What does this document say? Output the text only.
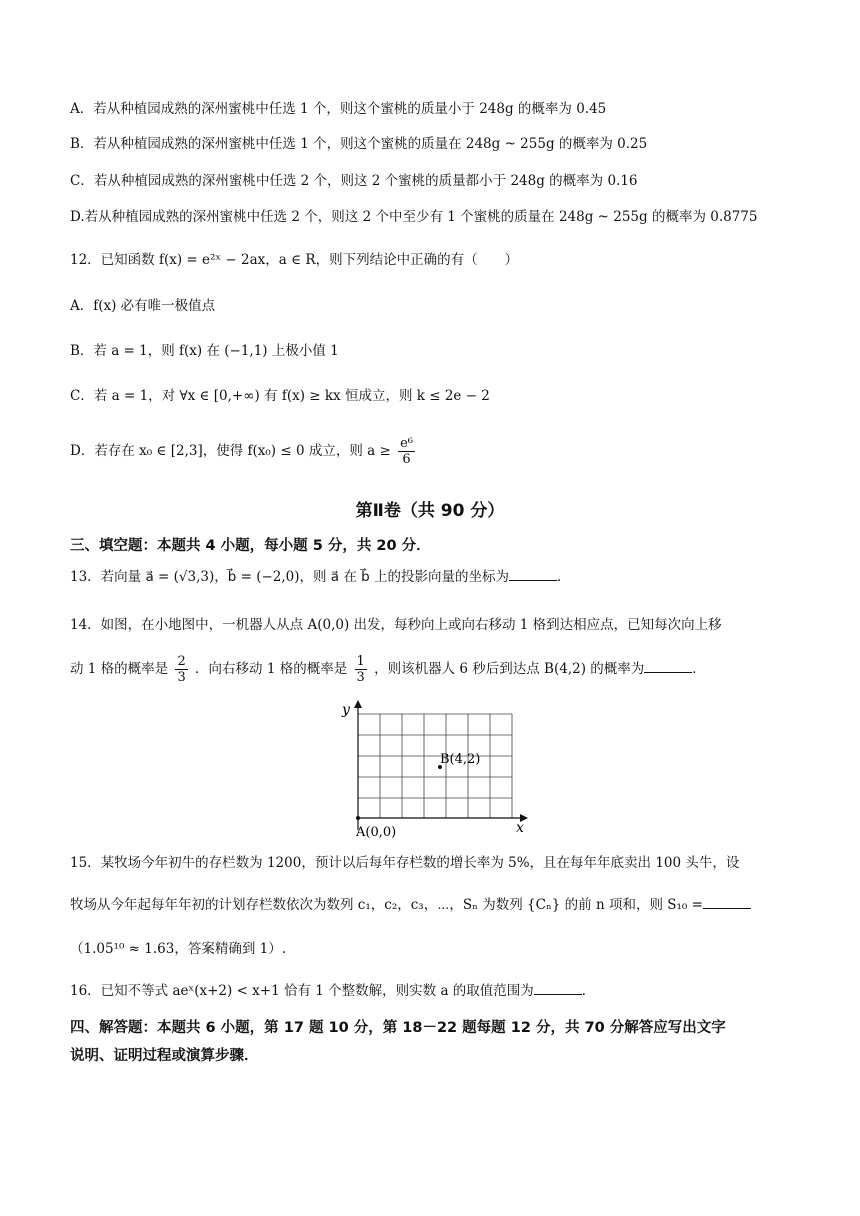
A．若从种植园成熟的深州蜜桃中任选 1 个，则这个蜜桃的质量小于 248g 的概率为 0.45
B．若从种植园成熟的深州蜜桃中任选 1 个，则这个蜜桃的质量在 248g ~ 255g 的概率为 0.25
C．若从种植园成熟的深州蜜桃中任选 2 个，则这 2 个蜜桃的质量都小于 248g 的概率为 0.16
D.若从种植园成熟的深州蜜桃中任选 2 个，则这 2 个中至少有 1 个蜜桃的质量在 248g ~ 255g 的概率为 0.8775
12．已知函数 f(x) = e²ˣ − 2ax，a ∈ R，则下列结论中正确的有（　　）
A．f(x) 必有唯一极值点
B．若 a = 1，则 f(x) 在 (−1,1) 上极小值 1
C．若 a = 1，对 ∀x ∈ [0,+∞) 有 f(x) ≥ kx 恒成立，则 k ≤ 2e − 2
D．若存在 x₀ ∈ [2,3]，使得 f(x₀) ≤ 0 成立，则 $a \ge \frac{\text{e⁶}}{6}$
第Ⅱ卷（共 90 分）
三、填空题：本题共 4 小题，每小题 5 分，共 20 分．
13．若向量 a⃗ = (√3,3)，b⃗ = (−2,0)，则 a⃗ 在 b⃗ 上的投影向量的坐标为	．
14．如图，在小地图中，一机器人从点 A(0,0) 出发，每秒向上或向右移动 1 格到达相应点，已知每次向上移
动 1 格的概率是 $\frac{2}{3}$ ．向右移动 1 格的概率是 $\frac{1}{3}$ ，则该机器人 6 秒后到达点 B(4,2) 的概率为	．
x
y
A(0,0)
B(4,2)
15．某牧场今年初牛的存栏数为 1200，预计以后每年存栏数的增长率为 5%，且在每年年底卖出 100 头牛，设
牧场从今年起每年年初的计划存栏数依次为数列 c₁，c₂，c₃，⋯，Sₙ 为数列 {Cₙ} 的前 n 项和，则 S₁₀ =
（1.05¹⁰ ≈ 1.63，答案精确到 1）.
16．已知不等式 aeˣ(x+2) < x+1 恰有 1 个整数解，则实数 a 的取值范围为	．
四、解答题：本题共 6 小题，第 17 题 10 分，第 18－22 题每题 12 分，共 70 分解答应写出文字
说明、证明过程或演算步骤．
